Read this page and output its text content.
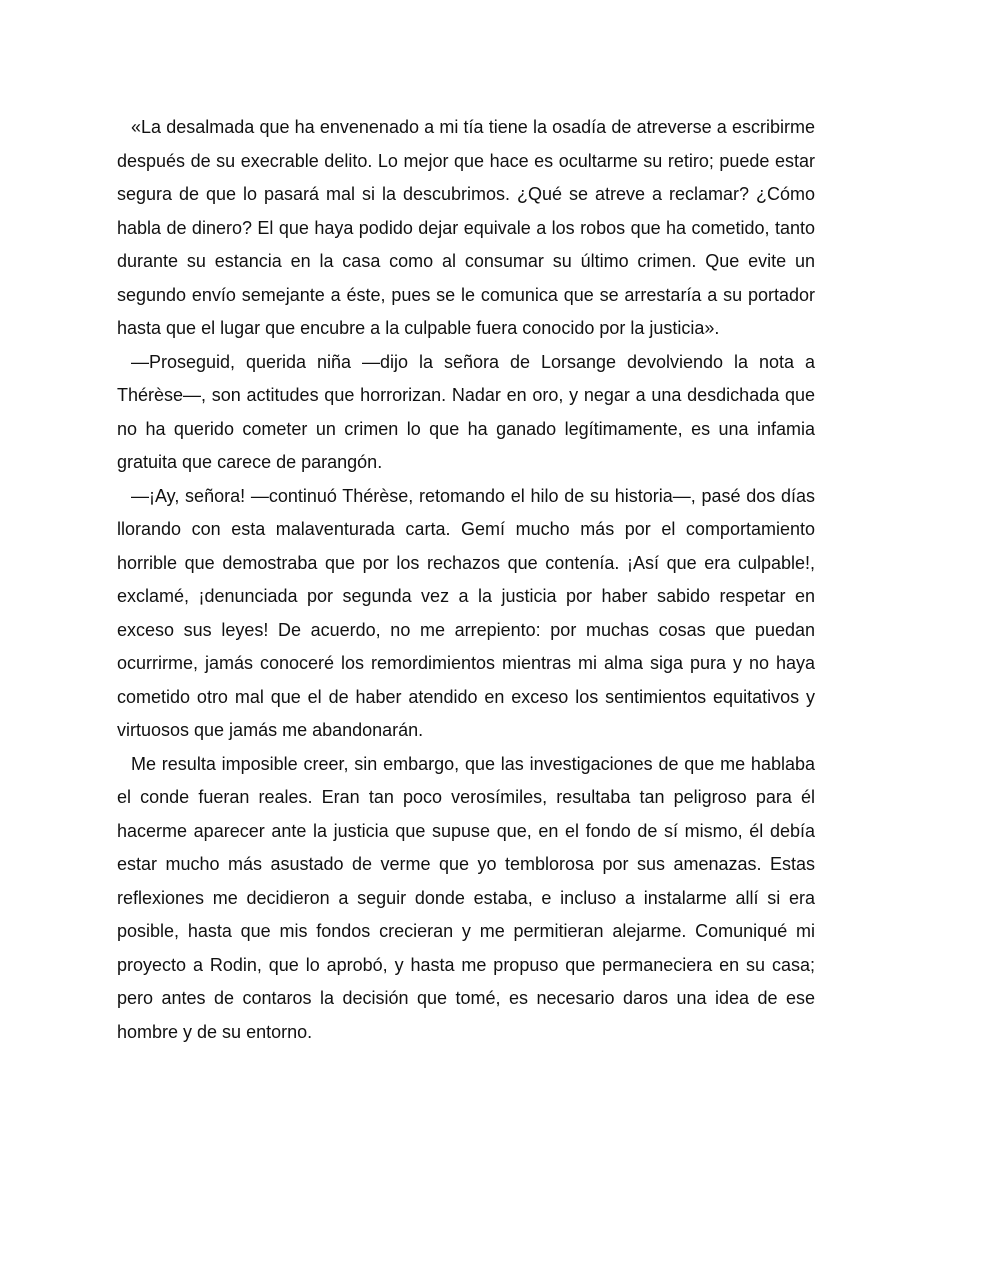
«La desalmada que ha envenenado a mi tía tiene la osadía de atreverse a escribirme después de su execrable delito. Lo mejor que hace es ocultarme su retiro; puede estar segura de que lo pasará mal si la descubrimos. ¿Qué se atreve a reclamar? ¿Cómo habla de dinero? El que haya podido dejar equivale a los robos que ha cometido, tanto durante su estancia en la casa como al consumar su último crimen. Que evite un segundo envío semejante a éste, pues se le comunica que se arrestaría a su portador hasta que el lugar que encubre a la culpable fuera conocido por la justicia».

—Proseguid, querida niña —dijo la señora de Lorsange devolviendo la nota a Thérèse—, son actitudes que horrorizan. Nadar en oro, y negar a una desdichada que no ha querido cometer un crimen lo que ha ganado legítimamente, es una infamia gratuita que carece de parangón.

—¡Ay, señora! —continuó Thérèse, retomando el hilo de su historia—, pasé dos días llorando con esta malaventurada carta. Gemí mucho más por el comportamiento horrible que demostraba que por los rechazos que contenía. ¡Así que era culpable!, exclamé, ¡denunciada por segunda vez a la justicia por haber sabido respetar en exceso sus leyes! De acuerdo, no me arrepiento: por muchas cosas que puedan ocurrirme, jamás conoceré los remordimientos mientras mi alma siga pura y no haya cometido otro mal que el de haber atendido en exceso los sentimientos equitativos y virtuosos que jamás me abandonarán.

Me resulta imposible creer, sin embargo, que las investigaciones de que me hablaba el conde fueran reales. Eran tan poco verosímiles, resultaba tan peligroso para él hacerme aparecer ante la justicia que supuse que, en el fondo de sí mismo, él debía estar mucho más asustado de verme que yo temblorosa por sus amenazas. Estas reflexiones me decidieron a seguir donde estaba, e incluso a instalarme allí si era posible, hasta que mis fondos crecieran y me permitieran alejarme. Comuniqué mi proyecto a Rodin, que lo aprobó, y hasta me propuso que permaneciera en su casa; pero antes de contaros la decisión que tomé, es necesario daros una idea de ese hombre y de su entorno.
